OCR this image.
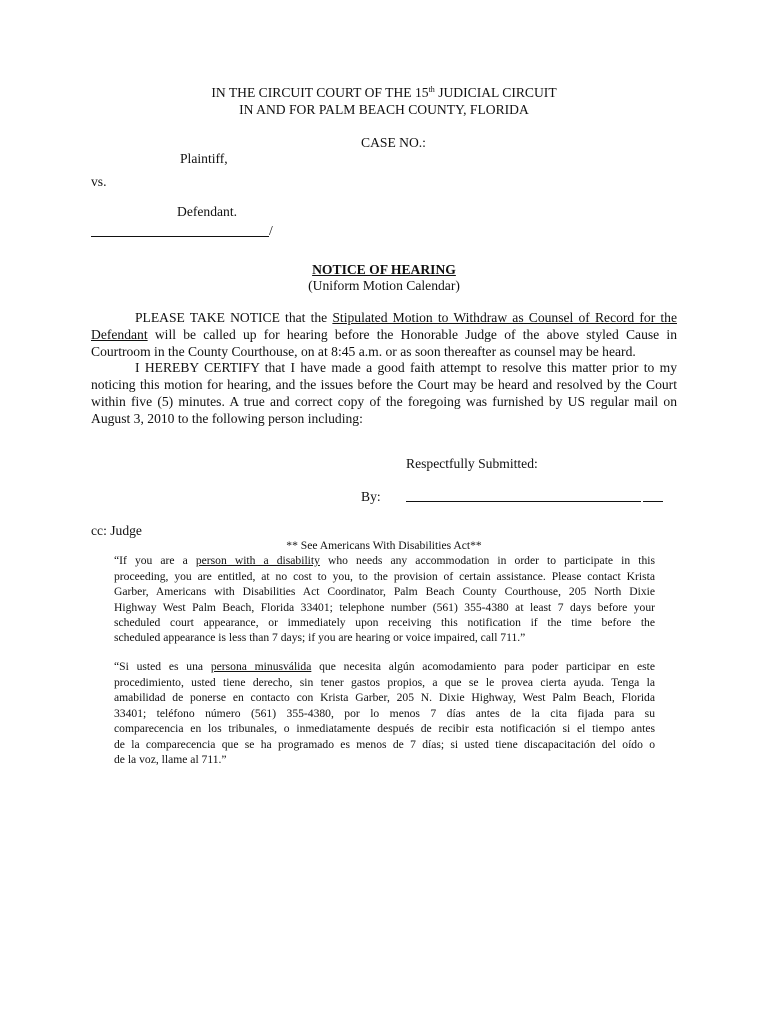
IN THE CIRCUIT COURT OF THE 15th JUDICIAL CIRCUIT
IN AND FOR PALM BEACH COUNTY, FLORIDA
CASE NO.:
Plaintiff,
vs.
Defendant.
/
NOTICE OF HEARING
(Uniform Motion Calendar)
PLEASE TAKE NOTICE that the Stipulated Motion to Withdraw as Counsel of Record for the
Defendant will be called up for hearing before the Honorable Judge of the above styled Cause in
Courtroom in the County Courthouse, on at 8:45 a.m. or as soon thereafter as counsel may be heard.
I HEREBY CERTIFY that I have made a good faith attempt to resolve this matter prior to my
noticing this motion for hearing, and the issues before the Court may be heard and resolved by the Court
within five (5) minutes. A true and correct copy of the foregoing was furnished by US regular mail on
August 3, 2010 to the following person including:
Respectfully Submitted:
By:
cc: Judge
** See Americans With Disabilities Act**
“If you are a person with a disability who needs any accommodation in order to participate in this
proceeding, you are entitled, at no cost to you, to the provision of certain assistance. Please contact Krista
Garber, Americans with Disabilities Act Coordinator, Palm Beach County Courthouse, 205 North Dixie
Highway West Palm Beach, Florida 33401; telephone number (561) 355-4380 at least 7 days before your
scheduled court appearance, or immediately upon receiving this notification if the time before the
scheduled appearance is less than 7 days; if you are hearing or voice impaired, call 711.”
“Si usted es una persona minusválida que necesita algún acomodamiento para poder participar en este
procedimiento, usted tiene derecho, sin tener gastos propios, a que se le provea cierta ayuda. Tenga la
amabilidad de ponerse en contacto con Krista Garber, 205 N. Dixie Highway, West Palm Beach, Florida
33401; teléfono número (561) 355-4380, por lo menos 7 días antes de la cita fijada para su
comparecencia en los tribunales, o inmediatamente después de recibir esta notificación si el tiempo antes
de la comparecencia que se ha programado es menos de 7 días; si usted tiene discapacitación del oído o
de la voz, llame al 711.”
